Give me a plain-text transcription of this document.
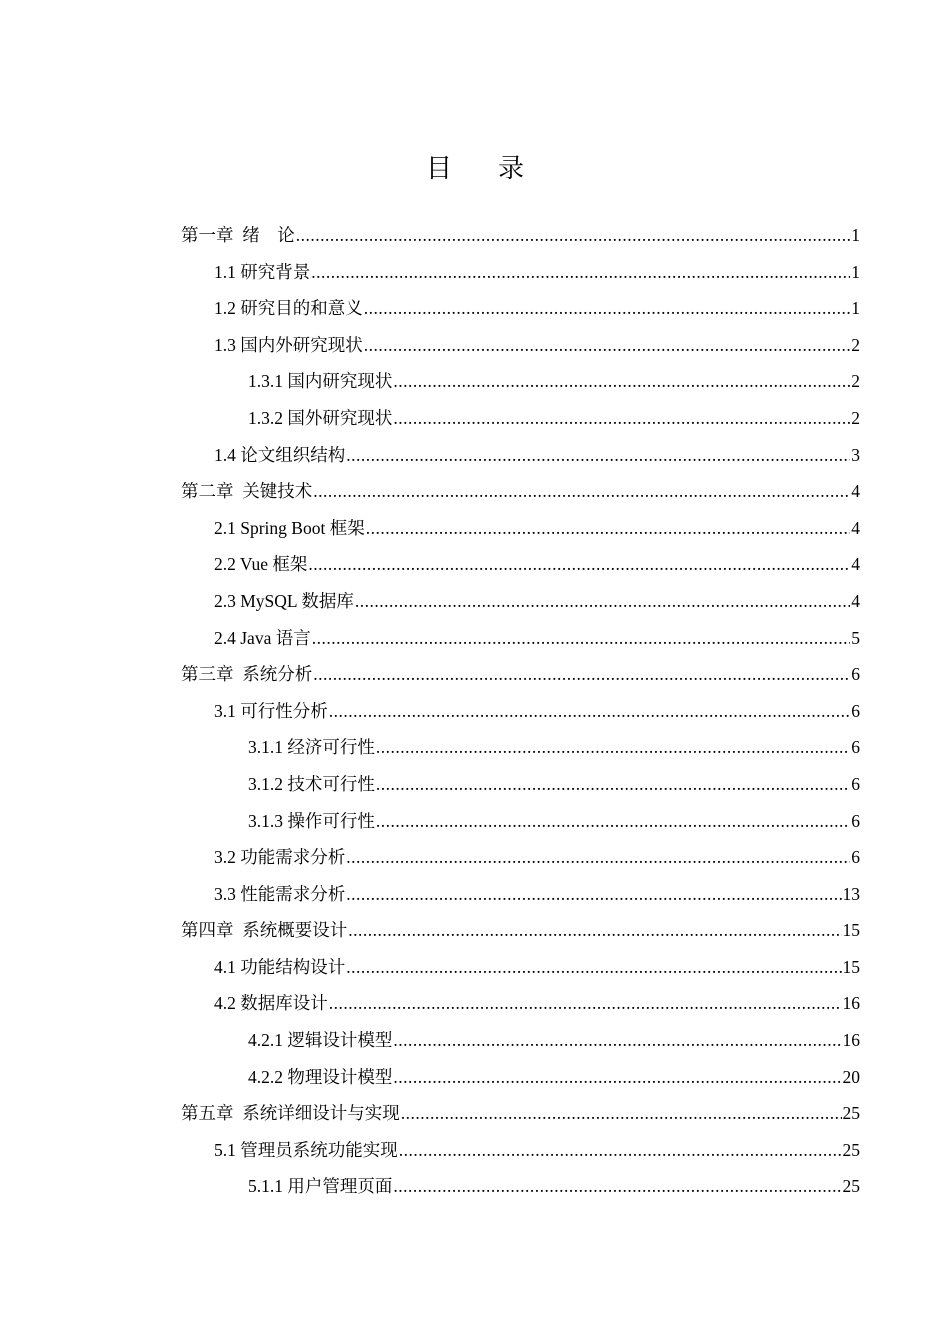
目 录
第一章  绪    论 .....	1
1.1 研究背景 .....	1
1.2 研究目的和意义 .....	1
1.3 国内外研究现状 .....	2
1.3.1 国内研究现状 .....	2
1.3.2 国外研究现状 .....	2
1.4 论文组织结构 .....	3
第二章  关键技术 .....	4
2.1 Spring Boot 框架 .....	4
2.2 Vue 框架 .....	4
2.3 MySQL 数据库 .....	4
2.4 Java 语言 .....	5
第三章  系统分析 .....	6
3.1 可行性分析 .....	6
3.1.1 经济可行性 .....	6
3.1.2 技术可行性 .....	6
3.1.3 操作可行性 .....	6
3.2 功能需求分析 .....	6
3.3 性能需求分析 .....	13
第四章  系统概要设计 .....	15
4.1 功能结构设计 .....	15
4.2 数据库设计 .....	16
4.2.1 逻辑设计模型 .....	16
4.2.2 物理设计模型 .....	20
第五章  系统详细设计与实现 .....	25
5.1 管理员系统功能实现 .....	25
5.1.1 用户管理页面 .....	25
